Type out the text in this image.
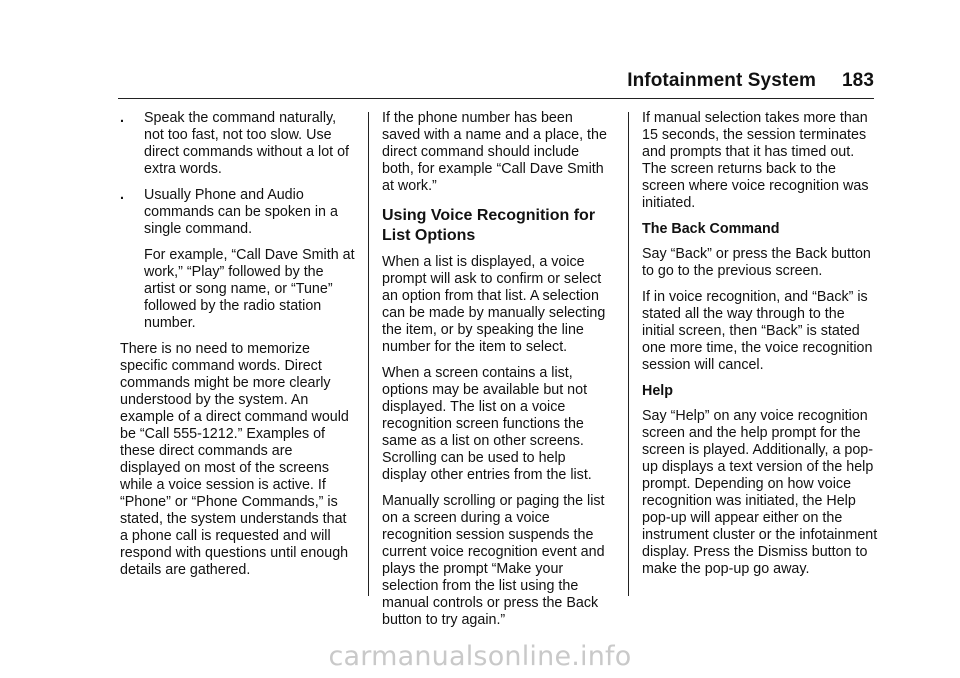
Infotainment System 183
.	Speak the command naturally, not too fast, not too slow. Use direct commands without a lot of extra words.
.	Usually Phone and Audio commands can be spoken in a single command.

For example, “Call Dave Smith at work,” “Play” followed by the artist or song name, or “Tune” followed by the radio station number.

There is no need to memorize specific command words. Direct commands might be more clearly understood by the system. An example of a direct command would be “Call 555-1212.” Examples of these direct commands are displayed on most of the screens while a voice session is active. If “Phone” or “Phone Commands,” is stated, the system understands that a phone call is requested and will respond with questions until enough details are gathered.

If the phone number has been saved with a name and a place, the direct command should include both, for example “Call Dave Smith at work.”

Using Voice Recognition for List Options

When a list is displayed, a voice prompt will ask to confirm or select an option from that list. A selection can be made by manually selecting the item, or by speaking the line number for the item to select.

When a screen contains a list, options may be available but not displayed. The list on a voice recognition screen functions the same as a list on other screens. Scrolling can be used to help display other entries from the list.

Manually scrolling or paging the list on a screen during a voice recognition session suspends the current voice recognition event and plays the prompt “Make your selection from the list using the manual controls or press the Back button to try again.”

If manual selection takes more than 15 seconds, the session terminates and prompts that it has timed out. The screen returns back to the screen where voice recognition was initiated.

The Back Command

Say “Back” or press the Back button to go to the previous screen.

If in voice recognition, and “Back” is stated all the way through to the initial screen, then “Back” is stated one more time, the voice recognition session will cancel.

Help

Say “Help” on any voice recognition screen and the help prompt for the screen is played. Additionally, a pop-up displays a text version of the help prompt. Depending on how voice recognition was initiated, the Help pop-up will appear either on the instrument cluster or the infotainment display. Press the Dismiss button to make the pop-up go away.

carmanualsonline.info
